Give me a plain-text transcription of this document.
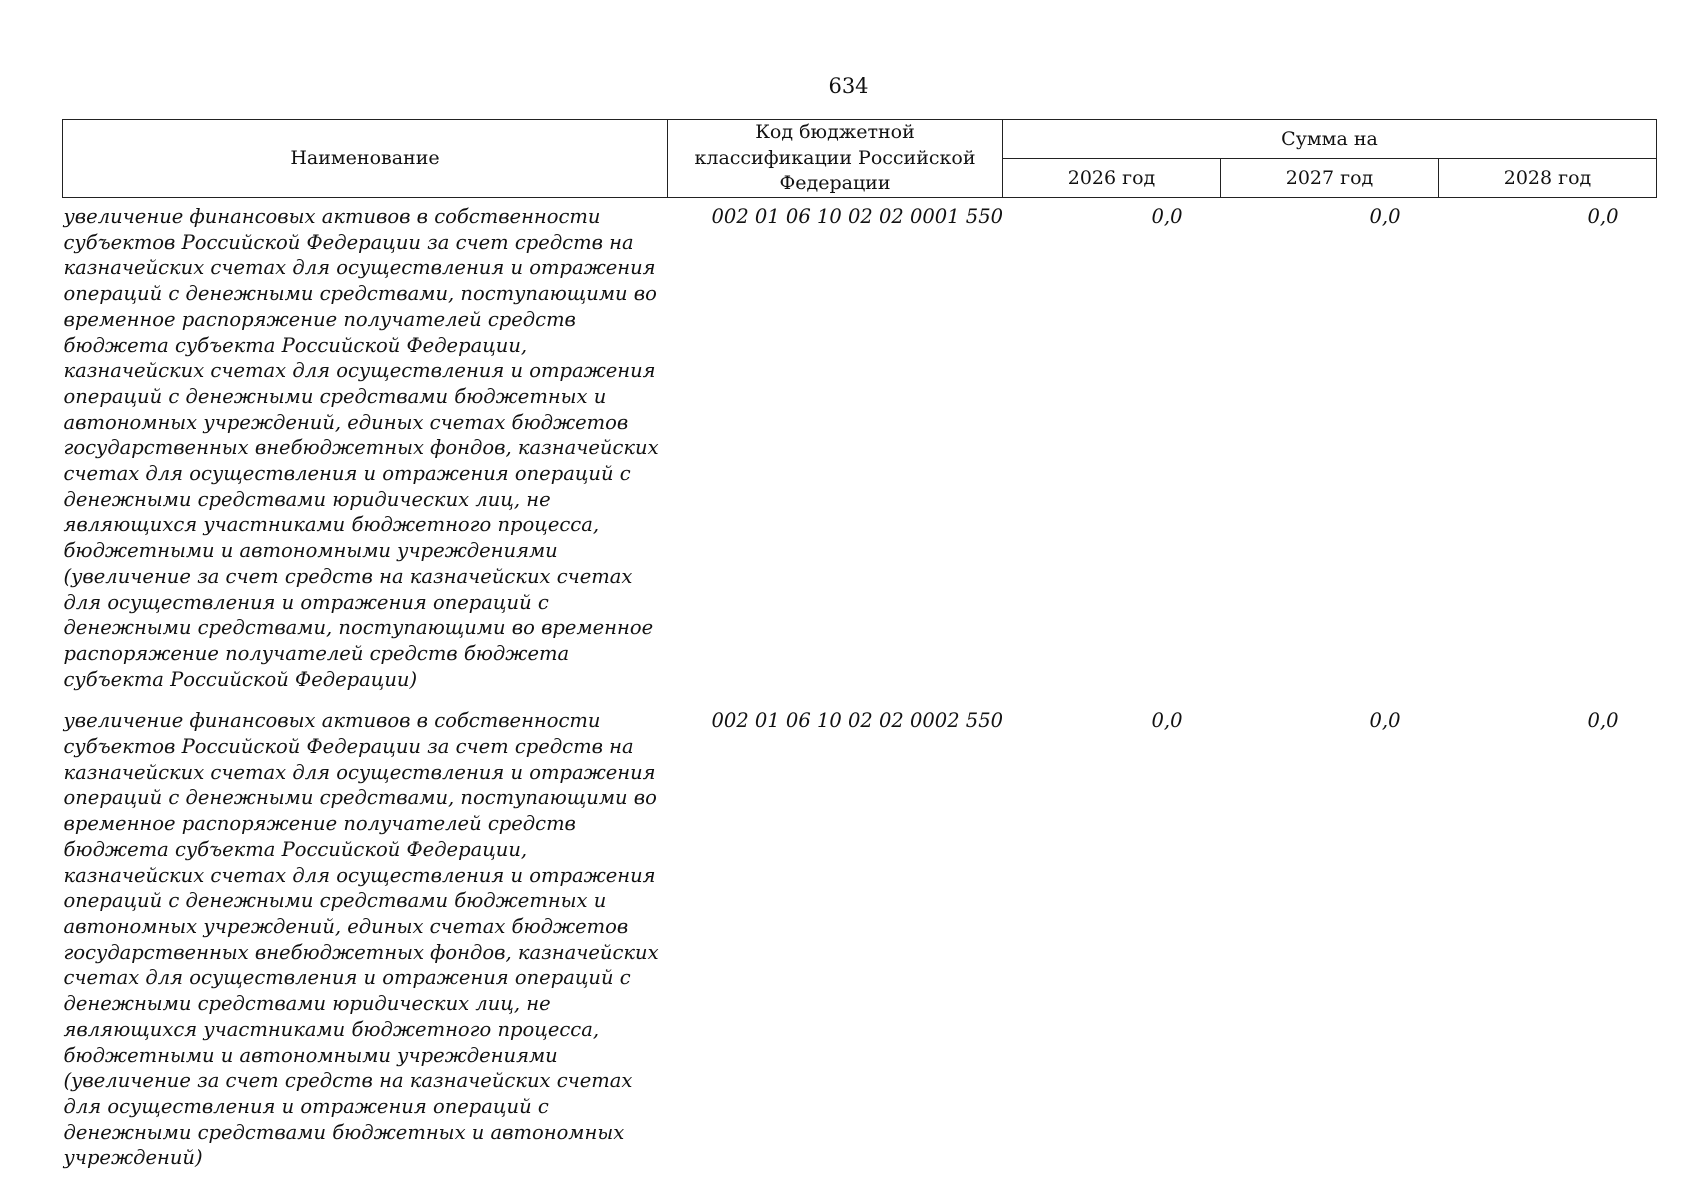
634
Наименование	Код бюджетной классификации Российской Федерации	Сумма на		
		2026 год	2027 год	2028 год
увеличение финансовых активов в собственности субъектов Российской Федерации за счет средств на казначейских счетах для осуществления и отражения операций с денежными средствами, поступающими во временное распоряжение получателей средств бюджета субъекта Российской Федерации, казначейских счетах для осуществления и отражения операций с денежными средствами бюджетных и автономных учреждений, единых счетах бюджетов государственных внебюджетных фондов, казначейских счетах для осуществления и отражения операций с денежными средствами юридических лиц, не являющихся участниками бюджетного процесса, бюджетными и автономными учреждениями (увеличение за счет средств на казначейских счетах для осуществления и отражения операций с денежными средствами, поступающими во временное распоряжение получателей средств бюджета субъекта Российской Федерации)	002 01 06 10 02 02 0001 550	0,0	0,0	0,0
увеличение финансовых активов в собственности субъектов Российской Федерации за счет средств на казначейских счетах для осуществления и отражения операций с денежными средствами, поступающими во временное распоряжение получателей средств бюджета субъекта Российской Федерации, казначейских счетах для осуществления и отражения операций с денежными средствами бюджетных и автономных учреждений, единых счетах бюджетов государственных внебюджетных фондов, казначейских счетах для осуществления и отражения операций с денежными средствами юридических лиц, не являющихся участниками бюджетного процесса, бюджетными и автономными учреждениями (увеличение за счет средств на казначейских счетах для осуществления и отражения операций с денежными средствами бюджетных и автономных учреждений)	002 01 06 10 02 02 0002 550	0,0	0,0	0,0
